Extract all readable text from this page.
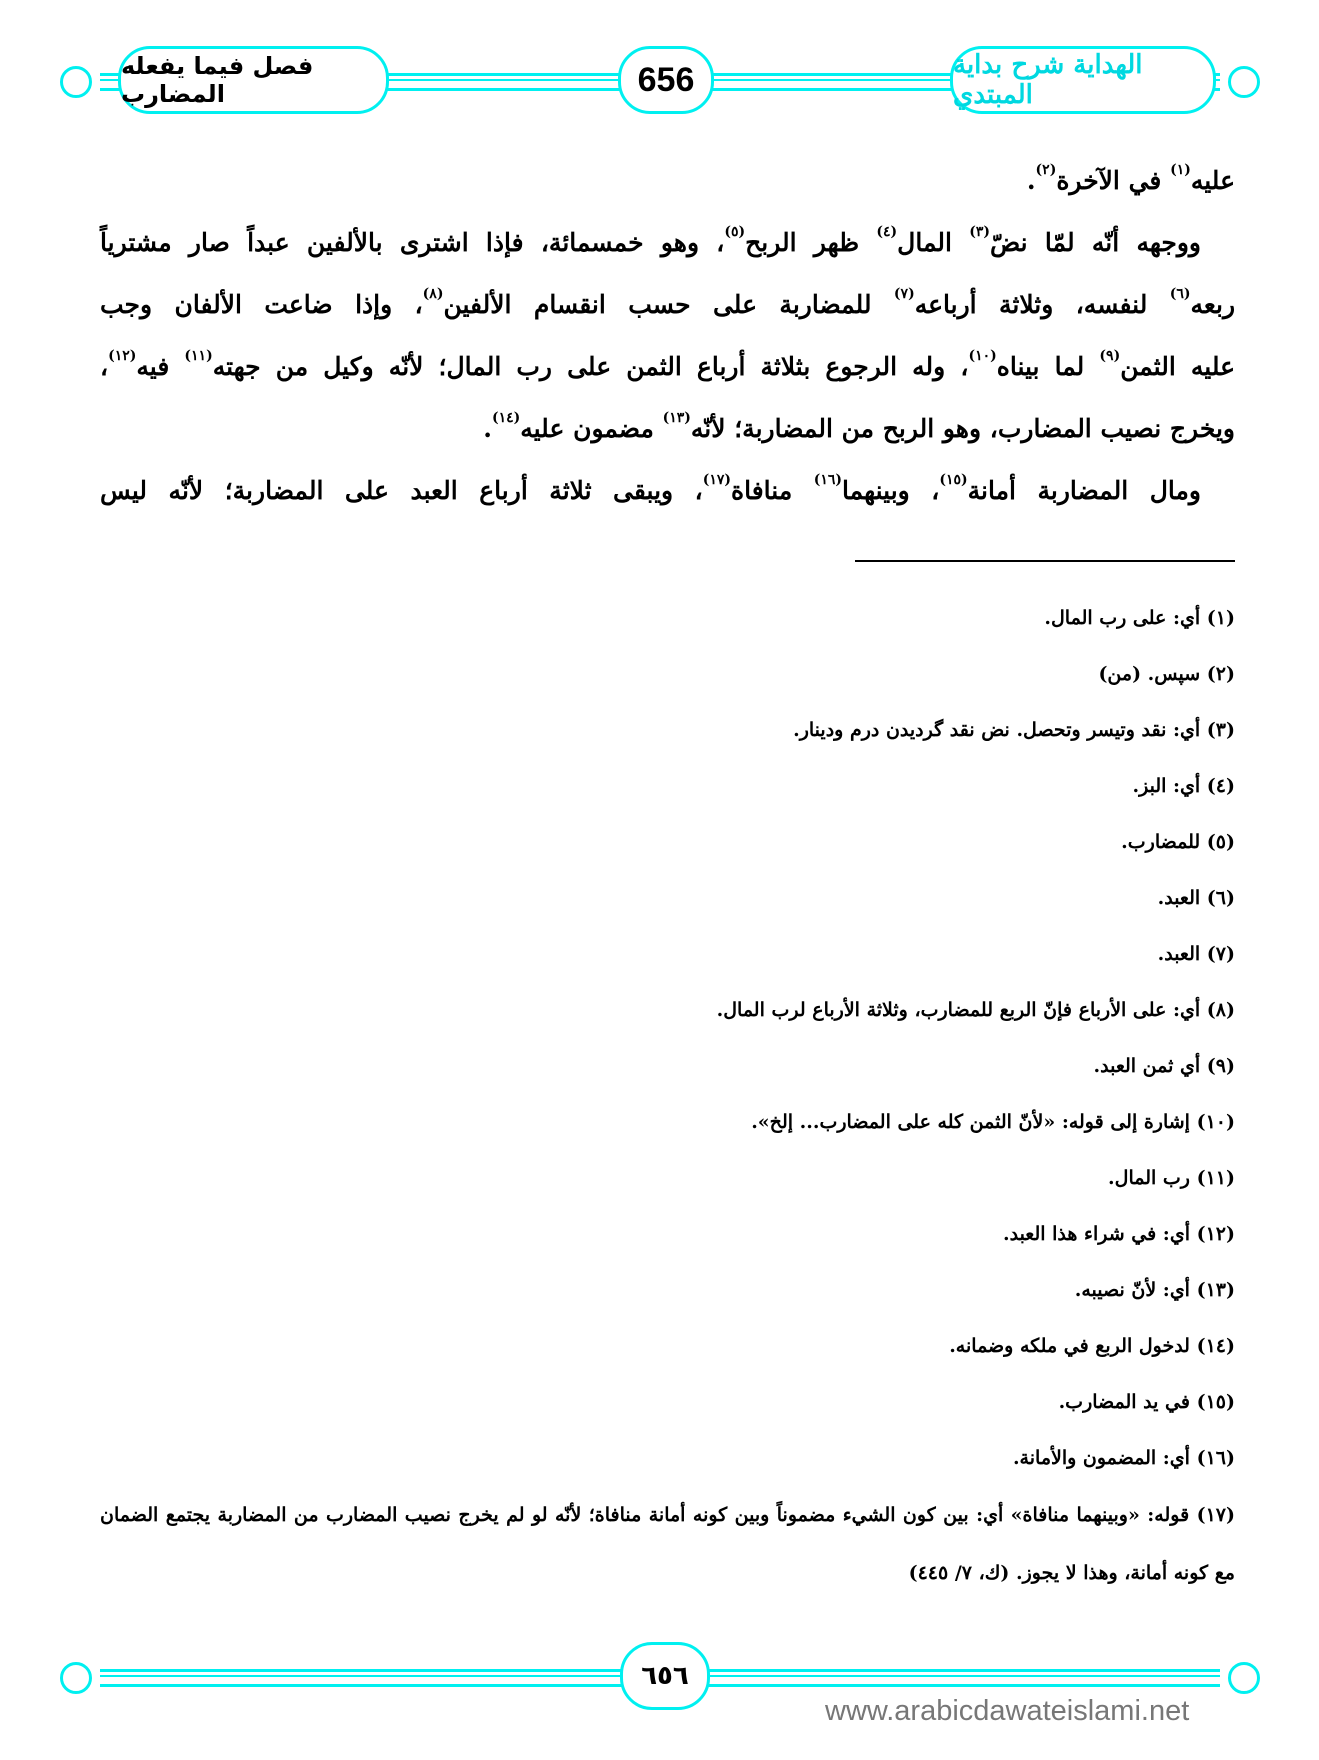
فصل فيما يفعله المضارب	656	الهداية شرح بداية المبتدي
عليه$^{(١)}$ في الآخرة$^{(٢)}$.
ووجهه أنّه لمّا نضّ$^{(٣)}$ المال$^{(٤)}$ ظهر الربح$^{(٥)}$، وهو خمسمائة، فإذا اشترى بالألفين عبداً صار مشترياً
ربعه$^{(٦)}$ لنفسه، وثلاثة أرباعه$^{(٧)}$ للمضاربة على حسب انقسام الألفين$^{(٨)}$، وإذا ضاعت الألفان وجب
عليه الثمن$^{(٩)}$ لما بيناه$^{(١٠)}$، وله الرجوع بثلاثة أرباع الثمن على رب المال؛ لأنّه وكيل من جهته$^{(١١)}$ فيه$^{(١٢)}$،
ويخرج نصيب المضارب، وهو الربح من المضاربة؛ لأنّه$^{(١٣)}$ مضمون عليه$^{(١٤)}$.
ومال المضاربة أمانة$^{(١٥)}$، وبينهما$^{(١٦)}$ منافاة$^{(١٧)}$، ويبقى ثلاثة أرباع العبد على المضاربة؛ لأنّه ليس
(١) أي: على رب المال.
(٢) سپس. (من)
(٣) أي: نقد وتيسر وتحصل. نض نقد گرديدن درم ودينار.
(٤) أي: البز.
(٥) للمضارب.
(٦) العبد.
(٧) العبد.
(٨) أي: على الأرباع فإنّ الربع للمضارب، وثلاثة الأرباع لرب المال.
(٩) أي ثمن العبد.
(١٠) إشارة إلى قوله: «لأنّ الثمن كله على المضارب... إلخ».
(١١) رب المال.
(١٢) أي: في شراء هذا العبد.
(١٣) أي: لأنّ نصيبه.
(١٤) لدخول الربع في ملكه وضمانه.
(١٥) في يد المضارب.
(١٦) أي: المضمون والأمانة.
(١٧) قوله: «وبينهما منافاة» أي: بين كون الشيء مضموناً وبين كونه أمانة منافاة؛ لأنّه لو لم يخرج نصيب المضارب من المضاربة يجتمع الضمان مع كونه أمانة، وهذا لا يجوز. (ك، ٧/ ٤٤٥)
٦٥٦
www.arabicdawateislami.net
